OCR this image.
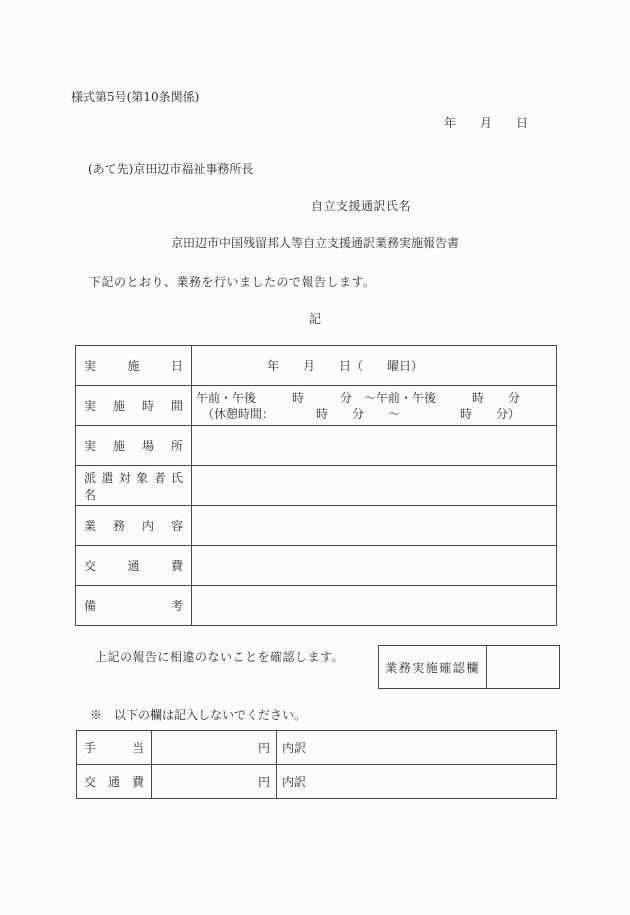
様式第5号(第10条関係)
年　　月　　日
(あて先)京田辺市福祉事務所長
自立支援通訳氏名
京田辺市中国残留邦人等自立支援通訳業務実施報告書
下記のとおり、業務を行いましたので報告します。
記
実 施 日	年　　月　　日（　　曜日）

実 施 時 間	午前・午後　　　時　　　分　～午前・午後　　　時　　分
　（休憩時間：　　　　時　　分　　～　　　　　時　　分）

実 施 場 所	

派 遣 対 象 者 氏 名	

業 務 内 容	

交 通 費	

備 考	

上記の報告に相違のないことを確認します。
業務実施確認欄	
※　以下の欄は記入しないでください。
手 当	円	内訳

交 通 費	円	内訳
